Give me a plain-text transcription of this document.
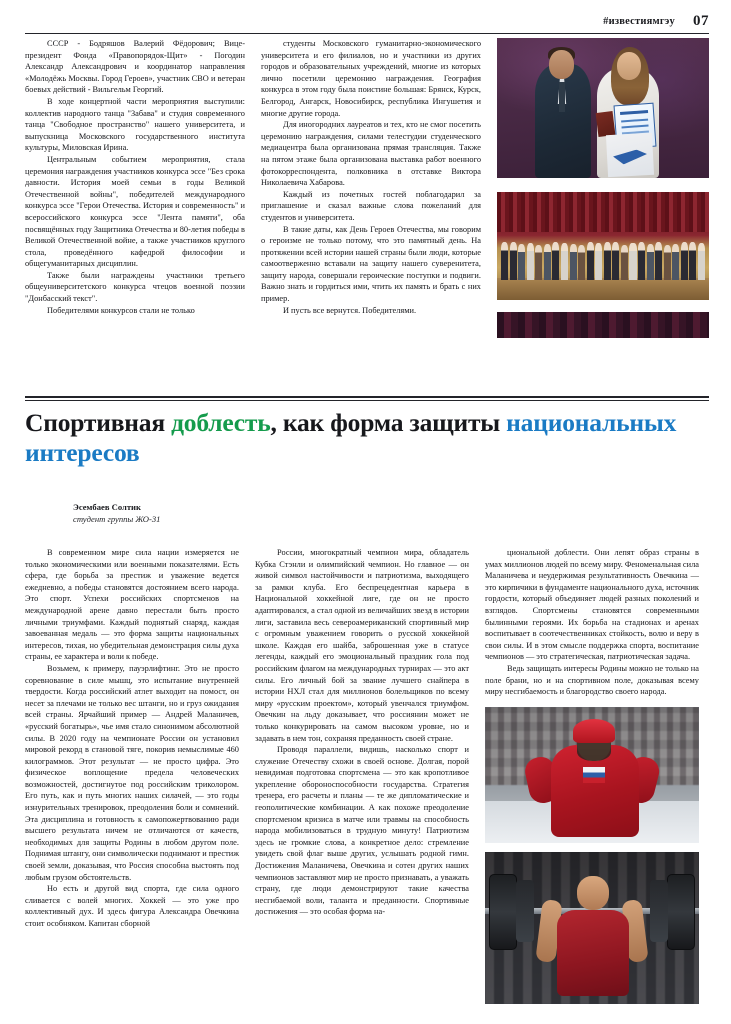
#известиямгэу 07

СССР - Бодряшов Валерий Фёдорович; Вице-президент Фонда «Правопорядок-Щит» - Погодин Александр Александрович и координатор направления «Молодёжь Москвы. Город Героев», участник СВО и ветеран боевых действий - Вильгельм Георгий.

В ходе концертной части мероприятия выступили: коллектив народного танца "Забава" и студия современного танца "Свободное пространство" нашего университета, и выпускница Московского государственного института культуры, Миловская Ирина.

Центральным событием мероприятия, стала церемония награждения участников конкурса эссе "Без срока давности. История моей семьи в годы Великой Отечественной войны", победителей международного конкурса эссе "Герои Отечества. История и современность" и всероссийского конкурса эссе "Лента памяти", оба посвящённых году Защитника Отечества и 80-летия победы в Великой Отечественной войне, а также участников круглого стола, проведённого кафедрой философии и общегуманитарных дисциплин.

Также были награждены участники третьего общеуниверситетского конкурса чтецов военной поэзии "Донбасский текст".

Победителями конкурсов стали не только

студенты Московского гуманитарно-экономического университета и его филиалов, но и участники из других городов и образовательных учреждений, многие из которых лично посетили церемонию награждения. География конкурса в этом году была поистине большая: Брянск, Курск, Белгород, Ангарск, Новосибирск, республика Ингушетия и многие другие города.

Для иногородних лауреатов и тех, кто не смог посетить церемонию награждения, силами телестудии студенческого медиацентра была организована прямая трансляция. Также на пятом этаже была организована выставка работ военного фотокорреспондента, полковника в отставке Виктора Николаевича Хабарова.

Каждый из почетных гостей поблагодарил за приглашение и сказал важные слова пожеланий для студентов и университета.

В такие даты, как День Героев Отечества, мы говорим о героизме не только потому, что это памятный день. На протяжении всей истории нашей страны были люди, которые самоотверженно вставали на защиту нашего суверенитета, защиту народа, совершали героические поступки и подвиги. Важно знать и гордиться ими, чтить их память и брать с них пример.

И пусть все вернутся. Победителями.

Спортивная доблесть, как форма защиты национальных интересов
Эсембаев Солтик
студент группы ЖО-31

В современном мире сила нации измеряется не только экономическими или военными показателями. Есть сфера, где борьба за престиж и уважение ведется ежедневно, а победы становятся достоянием всего народа. Это спорт. Успехи российских спортсменов на международной арене давно перестали быть просто личными триумфами. Каждый поднятый снаряд, каждая завоеванная медаль — это форма защиты национальных интересов, тихая, но убедительная демонстрация силы духа страны, ее характера и воли к победе.

Возьмем, к примеру, пауэрлифтинг. Это не просто соревнование в силе мышц, это испытание внутренней твердости. Когда российский атлет выходит на помост, он несет за плечами не только вес штанги, но и груз ожидания всей страны. Ярчайший пример — Андрей Маланичев, «русский богатырь», чье имя стало синонимом абсолютной силы. В 2020 году на чемпионате России он установил мировой рекорд в становой тяге, покорив немыслимые 460 килограммов. Этот результат — не просто цифра. Это физическое воплощение предела человеческих возможностей, достигнутое под российским триколором. Его путь, как и путь многих наших силачей, — это годы изнурительных тренировок, преодоления боли и сомнений. Эта дисциплина и готовность к самопожертвованию ради высшего результата ничем не отличаются от качеств, необходимых для защиты Родины в любом другом поле. Поднимая штангу, они символически поднимают и престиж своей земли, доказывая, что Россия способна выстоять под любым грузом обстоятельств.

Но есть и другой вид спорта, где сила одного сливается с волей многих. Хоккей — это уже про коллективный дух. И здесь фигура Александра Овечкина стоит особняком. Капитан сборной

России, многократный чемпион мира, обладатель Кубка Стэнли и олимпийский чемпион. Но главное — он живой символ настойчивости и патриотизма, выходящего за рамки клуба. Его беспрецедентная карьера в Национальной хоккейной лиге, где он не просто адаптировался, а стал одной из величайших звезд в истории лиги, заставила весь североамериканский спортивный мир с огромным уважением говорить о русской хоккейной школе. Каждая его шайба, заброшенная уже в статусе легенды, каждый его эмоциональный праздник гола под российским флагом на международных турнирах — это акт силы. Его личный бой за звание лучшего снайпера в истории НХЛ стал для миллионов болельщиков по всему миру «русским проектом», который увенчался триумфом. Овечкин на льду доказывает, что россиянин может не только конкурировать на самом высоком уровне, но и задавать в нем тон, сохраняя преданность своей стране.

Проводя параллели, видишь, насколько спорт и служение Отечеству схожи в своей основе. Долгая, порой невидимая подготовка спортсмена — это как кропотливое укрепление обороноспособности государства. Стратегия тренера, его расчеты и планы — те же дипломатические и геополитические комбинации. А как похоже преодоление спортсменом кризиса в матче или травмы на способность народа мобилизоваться в трудную минуту! Патриотизм здесь не громкие слова, а конкретное дело: стремление увидеть свой флаг выше других, услышать родной гимн. Достижения Маланичева, Овечкина и сотен других наших чемпионов заставляют мир не просто признавать, а уважать страну, где люди демонстрируют такие качества несгибаемой воли, таланта и преданности. Спортивные достижения — это особая форма на-

циональной доблести. Они лепят образ страны в умах миллионов людей по всему миру. Феноменальная сила Маланичева и неудержимая результативность Овечкина — это кирпичики в фундаменте национального духа, источник гордости, который объединяет людей разных поколений и взглядов. Спортсмены становятся современными былинными героями. Их борьба на стадионах и аренах воспитывает в соотечественниках стойкость, волю и веру в свои силы. И в этом смысле поддержка спорта, воспитание чемпионов — это стратегическая, патриотическая задача.

Ведь защищать интересы Родины можно не только на поле брани, но и на спортивном поле, доказывая всему миру несгибаемость и благородство своего народа.
